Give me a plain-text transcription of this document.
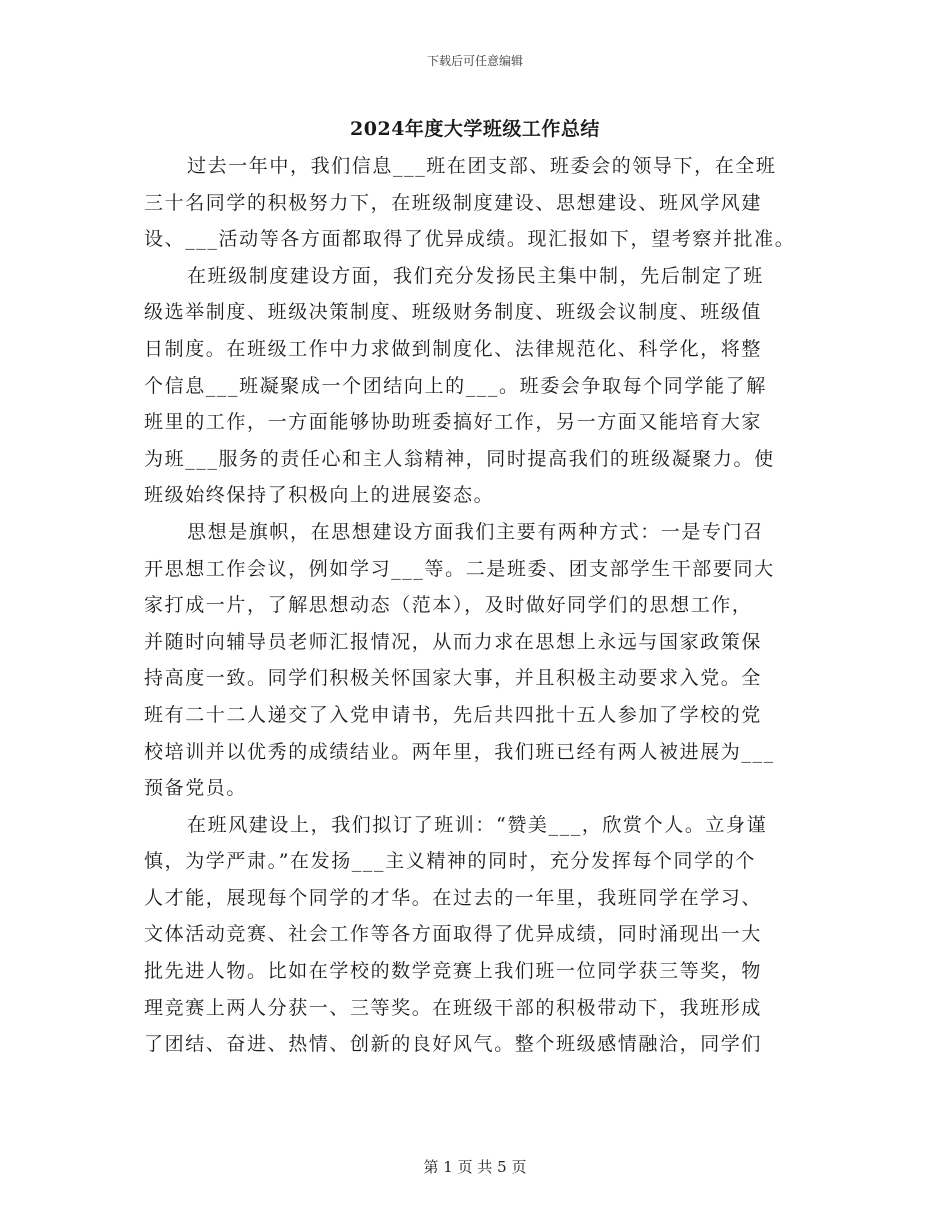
下载后可任意编辑
2024年度大学班级工作总结
过去一年中，我们信息___班在团支部、班委会的领导下，在全班
三十名同学的积极努力下，在班级制度建设、思想建设、班风学风建
设、___活动等各方面都取得了优异成绩。现汇报如下，望考察并批准。
在班级制度建设方面，我们充分发扬民主集中制，先后制定了班
级选举制度、班级决策制度、班级财务制度、班级会议制度、班级值
日制度。在班级工作中力求做到制度化、法律规范化、科学化，将整
个信息___班凝聚成一个团结向上的___。班委会争取每个同学能了解
班里的工作，一方面能够协助班委搞好工作，另一方面又能培育大家
为班___服务的责任心和主人翁精神，同时提高我们的班级凝聚力。使
班级始终保持了积极向上的进展姿态。
思想是旗帜，在思想建设方面我们主要有两种方式：一是专门召
开思想工作会议，例如学习___等。二是班委、团支部学生干部要同大
家打成一片，了解思想动态（范本），及时做好同学们的思想工作，
并随时向辅导员老师汇报情况，从而力求在思想上永远与国家政策保
持高度一致。同学们积极关怀国家大事，并且积极主动要求入党。全
班有二十二人递交了入党申请书，先后共四批十五人参加了学校的党
校培训并以优秀的成绩结业。两年里，我们班已经有两人被进展为___
预备党员。
在班风建设上，我们拟订了班训：“赞美___，欣赏个人。立身谨
慎，为学严肃。”在发扬___主义精神的同时，充分发挥每个同学的个
人才能，展现每个同学的才华。在过去的一年里，我班同学在学习、
文体活动竞赛、社会工作等各方面取得了优异成绩，同时涌现出一大
批先进人物。比如在学校的数学竞赛上我们班一位同学获三等奖，物
理竞赛上两人分获一、三等奖。在班级干部的积极带动下，我班形成
了团结、奋进、热情、创新的良好风气。整个班级感情融洽，同学们
第 1 页 共 5 页
